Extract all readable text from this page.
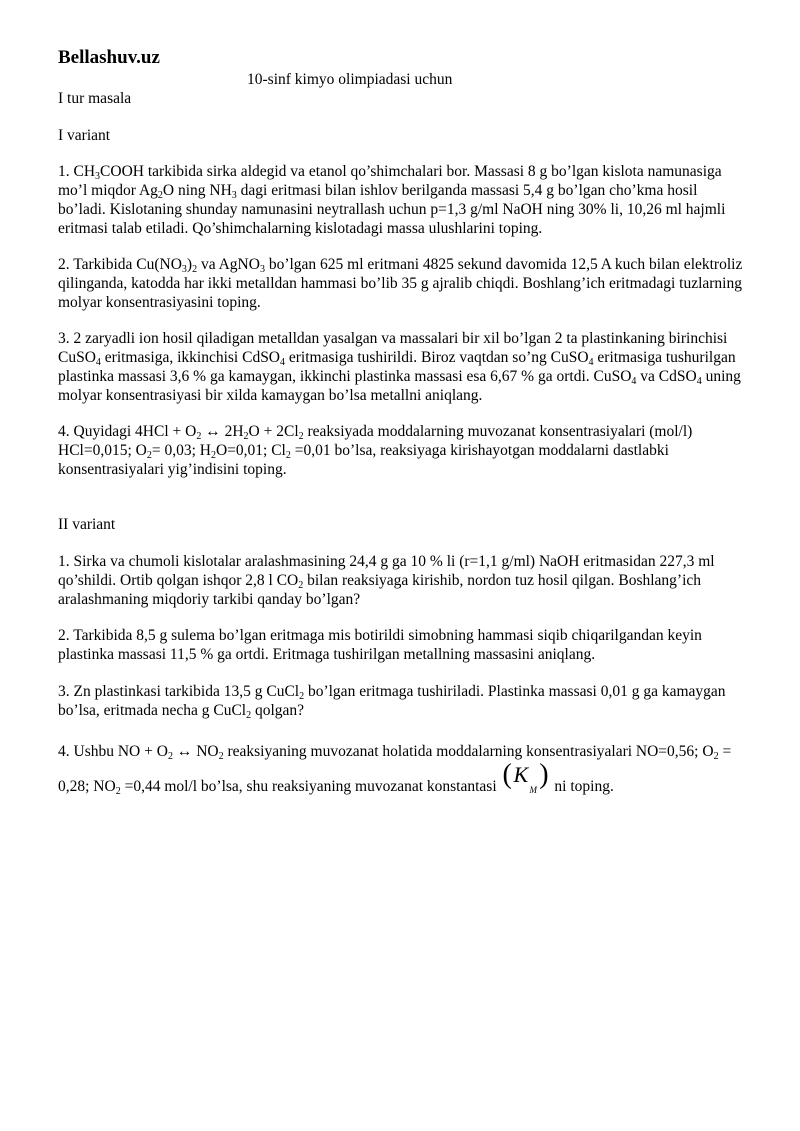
Bellashuv.uz
10-sinf kimyo olimpiadasi uchun
I tur masala
I variant
1. $CH_3COOH$ tarkibida sirka aldegid va etanol qo’shimchalari bor. Massasi 8 g bo’lgan kislota namunasiga mo’l miqdor $Ag_2O$ ning $NH_3$ dagi eritmasi bilan ishlov berilganda massasi 5,4 g bo’lgan cho’kma hosil bo’ladi. Kislotaning shunday namunasini neytrallash uchun p=1,3 g/ml NaOH ning 30% li, 10,26 ml hajmli eritmasi talab etiladi. Qo’shimchalarning kislotadagi massa ulushlarini toping.
2. Tarkibida $Cu(NO_3)_2$ va AgNO$_3$ bo’lgan 625 ml eritmani 4825 sekund davomida 12,5 A kuch bilan elektroliz qilinganda, katodda har ikki metalldan hammasi bo’lib 35 g ajralib chiqdi. Boshlang’ich eritmadagi tuzlarning molyar konsentrasiyasini toping.
3. 2 zaryadli ion hosil qiladigan metalldan yasalgan va massalari bir xil bo’lgan 2 ta plastinkaning birinchisi CuSO$_4$ eritmasiga, ikkinchisi CdSO$_4$ eritmasiga tushirildi. Biroz vaqtdan so’ng CuSO$_4$ eritmasiga tushurilgan plastinka massasi 3,6 % ga kamaygan, ikkinchi plastinka massasi esa 6,67 % ga ortdi. CuSO$_4$ va CdSO$_4$ uning molyar konsentrasiyasi bir xilda kamaygan bo’lsa metallni aniqlang.
4. Quyidagi $4HCl + O_2$ ↔ $2H_2O + 2Cl_2$ reaksiyada moddalarning muvozanat konsentrasiyalari (mol/l) HCl=0,015; $O_2= 0,03$; $H_2O=0,01$; $Cl_2 =0,01$ bo’lsa, reaksiyaga kirishayotgan moddalarni dastlabki konsentrasiyalari yig’indisini toping.
II variant
1. Sirka va chumoli kislotalar aralashmasining 24,4 g ga 10 % li (r=1,1 g/ml) NaOH eritmasidan 227,3 ml qo’shildi. Ortib qolgan ishqor 2,8 l $CO_2$ bilan reaksiyaga kirishib, nordon tuz hosil qilgan. Boshlang’ich aralashmaning miqdoriy tarkibi qanday bo’lgan?
2. Tarkibida 8,5 g sulema bo’lgan eritmaga mis botirildi simobning hammasi siqib chiqarilgandan keyin plastinka massasi 11,5 % ga ortdi. Eritmaga tushirilgan metallning massasini aniqlang.
3. Zn plastinkasi tarkibida 13,5 g CuCl$_2$ bo’lgan eritmaga tushiriladi. Plastinka massasi 0,01 g ga kamaygan bo’lsa, eritmada necha g CuCl$_2$ qolgan?
4. Ushbu NO + $O_2$ ↔ $NO_2$ reaksiyaning muvozanat holatida moddalarning konsentrasiyalari NO=0,56; $O_2 = 0,28$; $NO_2 =0,44$ mol/l bo’lsa, shu reaksiyaning muvozanat konstantasi ( K
M ) ni toping.
